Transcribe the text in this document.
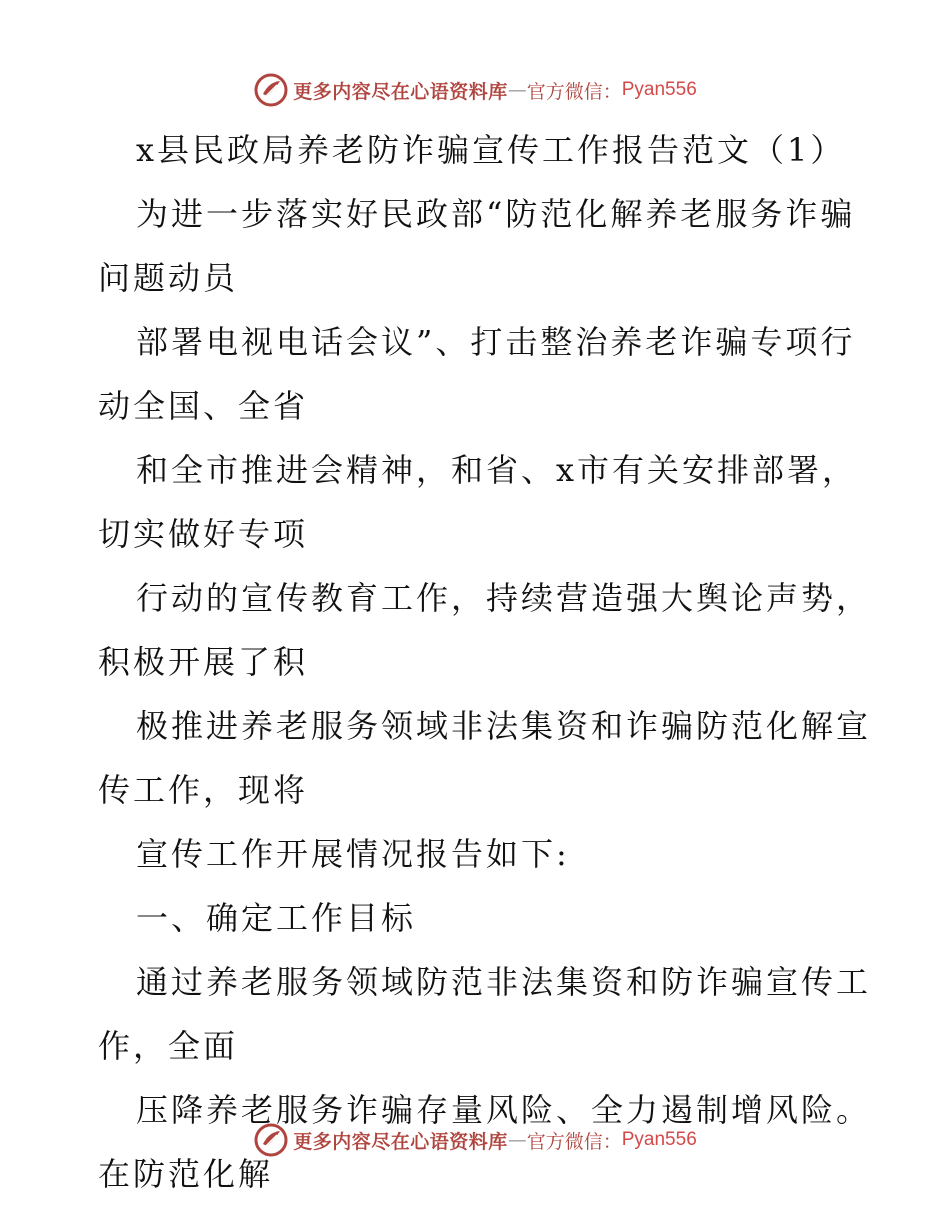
更多内容尽在心语资料库 — 官方微信： Pyan556
x县民政局养老防诈骗宣传工作报告范文（1）
为进一步落实好民政部“防范化解养老服务诈骗
问题动员
部署电视电话会议”、打击整治养老诈骗专项行
动全国、全省
和全市推进会精神，和省、x市有关安排部署，
切实做好专项
行动的宣传教育工作，持续营造强大舆论声势，
积极开展了积
极推进养老服务领域非法集资和诈骗防范化解宣
传工作，现将
宣传工作开展情况报告如下:
一、确定工作目标
通过养老服务领域防范非法集资和防诈骗宣传工
作，全面
压降养老服务诈骗存量风险、全力遏制增风险。
在防范化解
更多内容尽在心语资料库 — 官方微信： Pyan556
